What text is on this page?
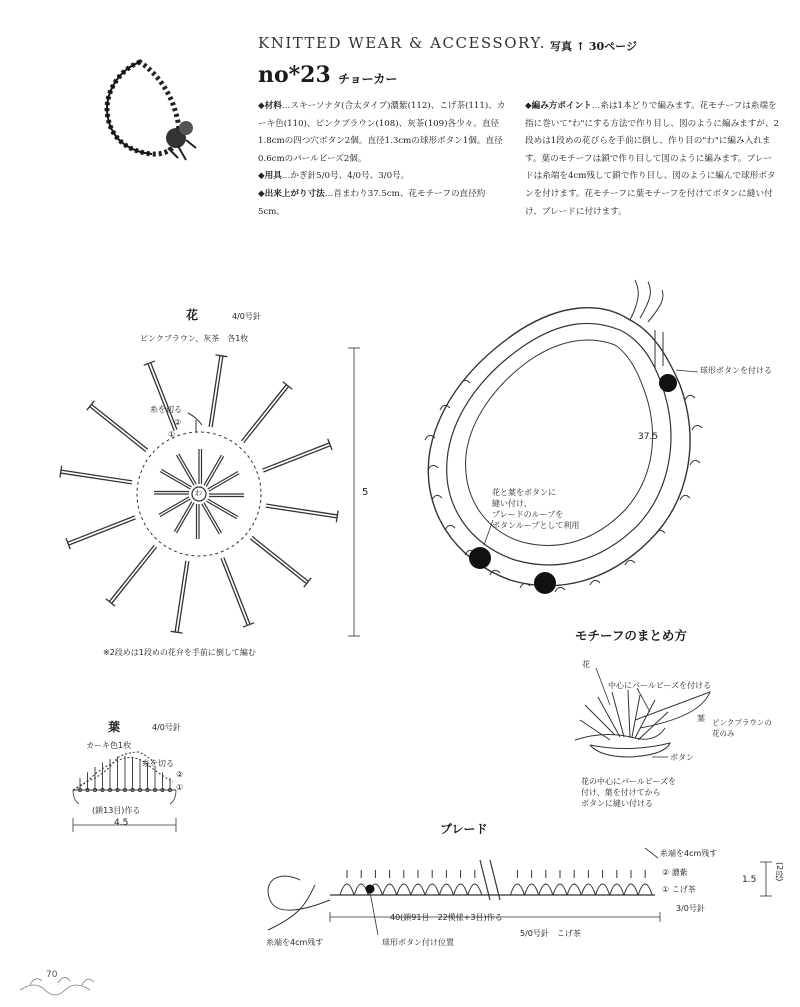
KNITTED WEAR & ACCESSORY. 写真 ↑ 30ページ
no*23 チョーカー

◆材料…スキーソナタ(合太タイプ)濃紫(112)、こげ茶(111)、カーキ色(110)、ピンクブラウン(108)、灰茶(109)各少々。直径1.8cmの四つ穴ボタン2個。直径1.3cmの球形ボタン1個。直径0.6cmのパールビーズ2個。

◆用具…かぎ針5/0号、4/0号、3/0号。

◆出来上がり寸法…首まわり37.5cm、花モチーフの直径約5cm。

◆編み方ポイント…糸は1本どりで編みます。花モチーフは糸端を指に巻いて"わ"にする方法で作り目し、図のように編みますが、2段めは1段めの花びらを手前に倒し、作り目の"わ"に編み入れます。葉のモチーフは鎖で作り目して図のように編みます。ブレードは糸端を4cm残して鎖で作り目し、図のように編んで球形ボタンを付けます。花モチーフに葉モチーフを付けてボタンに縫い付け、ブレードに付けます。

花	4/0号針
ピンクブラウン、灰茶　各1枚
糸を切る
②
①
わ	5
※2段めは1段めの花弁を手前に倒して編む
球形ボタンを付ける
37.5
花と葉をボタンに
縫い付け、
ブレードのループを
ボタンループとして利用
モチーフのまとめ方
花
中心にパールビーズを付ける
葉 ピンクブラウンの
花のみ
ボタン
花の中心にパールビーズを
付け、葉を付けてから
ボタンに縫い付ける
葉	4/0号針
カーキ色1枚
糸を切る
②
①
(鎖13目)作る
4.5	ブレード
糸端を4cm残す
② 濃紫
① こげ茶
1.5 (2段)
3/0号針
40(鎖91目　22模様+3目)作る
5/0号針　こげ茶
糸端を4cm残す	球形ボタン付け位置
70
